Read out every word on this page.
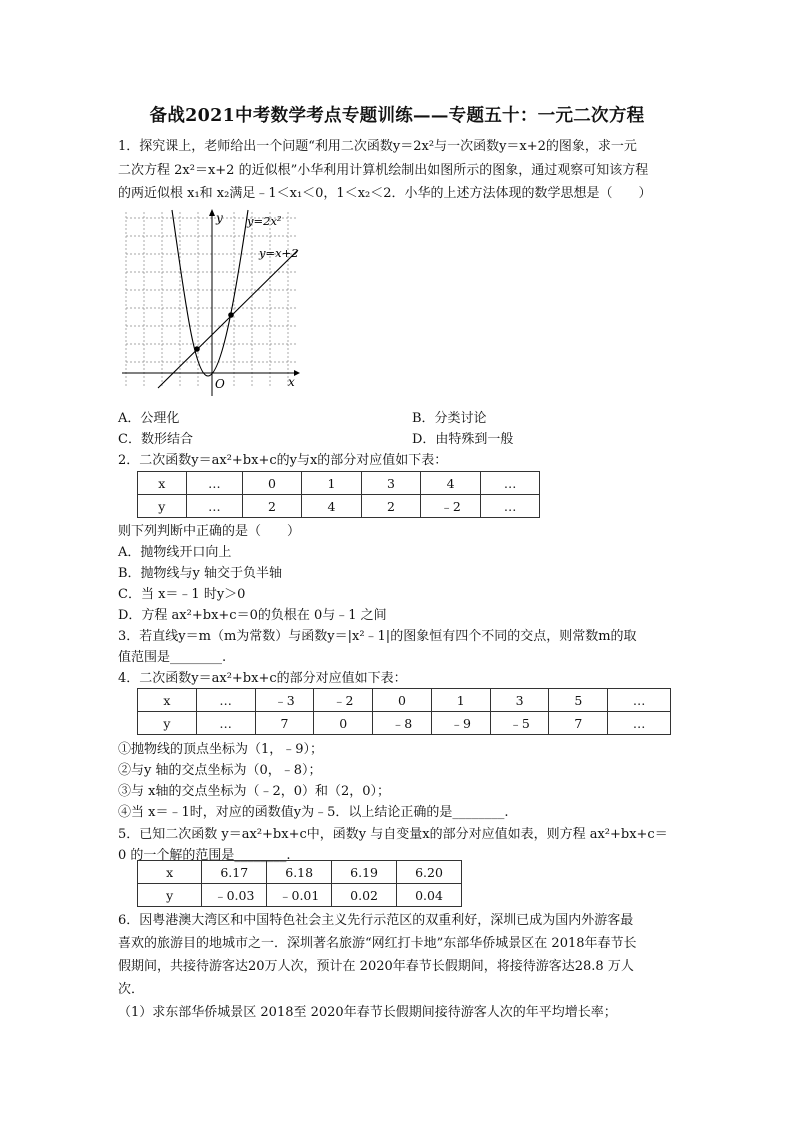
备战2021中考数学考点专题训练——专题五十：一元二次方程
1．探究课上，老师给出一个问题“利用二次函数y＝2x²与一次函数y＝x+2的图象，求一元
二次方程 2x²＝x+2 的近似根”小华利用计算机绘制出如图所示的图象，通过观察可知该方程
的两近似根 x₁和 x₂满足﹣1＜x₁＜0，1＜x₂＜2．小华的上述方法体现的数学思想是（　　）
y=2x²
y=x+2
x
y
O
A．公理化	B．分类讨论
C．数形结合	D．由特殊到一般
2．二次函数y＝ax²+bx+c的y与x的部分对应值如下表：
x	…	0	1	3	4	…
y	…	2	4	2	﹣2	…
则下列判断中正确的是（　　）
A．抛物线开口向上
B．抛物线与y 轴交于负半轴
C．当 x＝﹣1 时y＞0
D．方程 ax²+bx+c＝0的负根在 0与﹣1 之间
3．若直线y＝m（m为常数）与函数y＝|x²﹣1|的图象恒有四个不同的交点，则常数m的取
值范围是________.
4．二次函数y＝ax²+bx+c的部分对应值如下表：
x	…	﹣3	﹣2	0	1	3	5	…
y	…	7	0	﹣8	﹣9	﹣5	7	…
①抛物线的顶点坐标为（1，﹣9）；
②与y 轴的交点坐标为（0，﹣8）；
③与 x轴的交点坐标为（﹣2，0）和（2，0）；
④当 x＝﹣1时，对应的函数值y为﹣5．以上结论正确的是________.
5．已知二次函数 y＝ax²+bx+c中，函数y 与自变量x的部分对应值如表，则方程 ax²+bx+c＝
0 的一个解的范围是________.
x	6.17	6.18	6.19	6.20
y	﹣0.03	﹣0.01	0.02	0.04
6．因粤港澳大湾区和中国特色社会主义先行示范区的双重利好，深圳已成为国内外游客最
喜欢的旅游目的地城市之一．深圳著名旅游“网红打卡地”东部华侨城景区在 2018年春节长
假期间，共接待游客达20万人次，预计在 2020年春节长假期间，将接待游客达28.8 万人
次．
（1）求东部华侨城景区 2018至 2020年春节长假期间接待游客人次的年平均增长率；
